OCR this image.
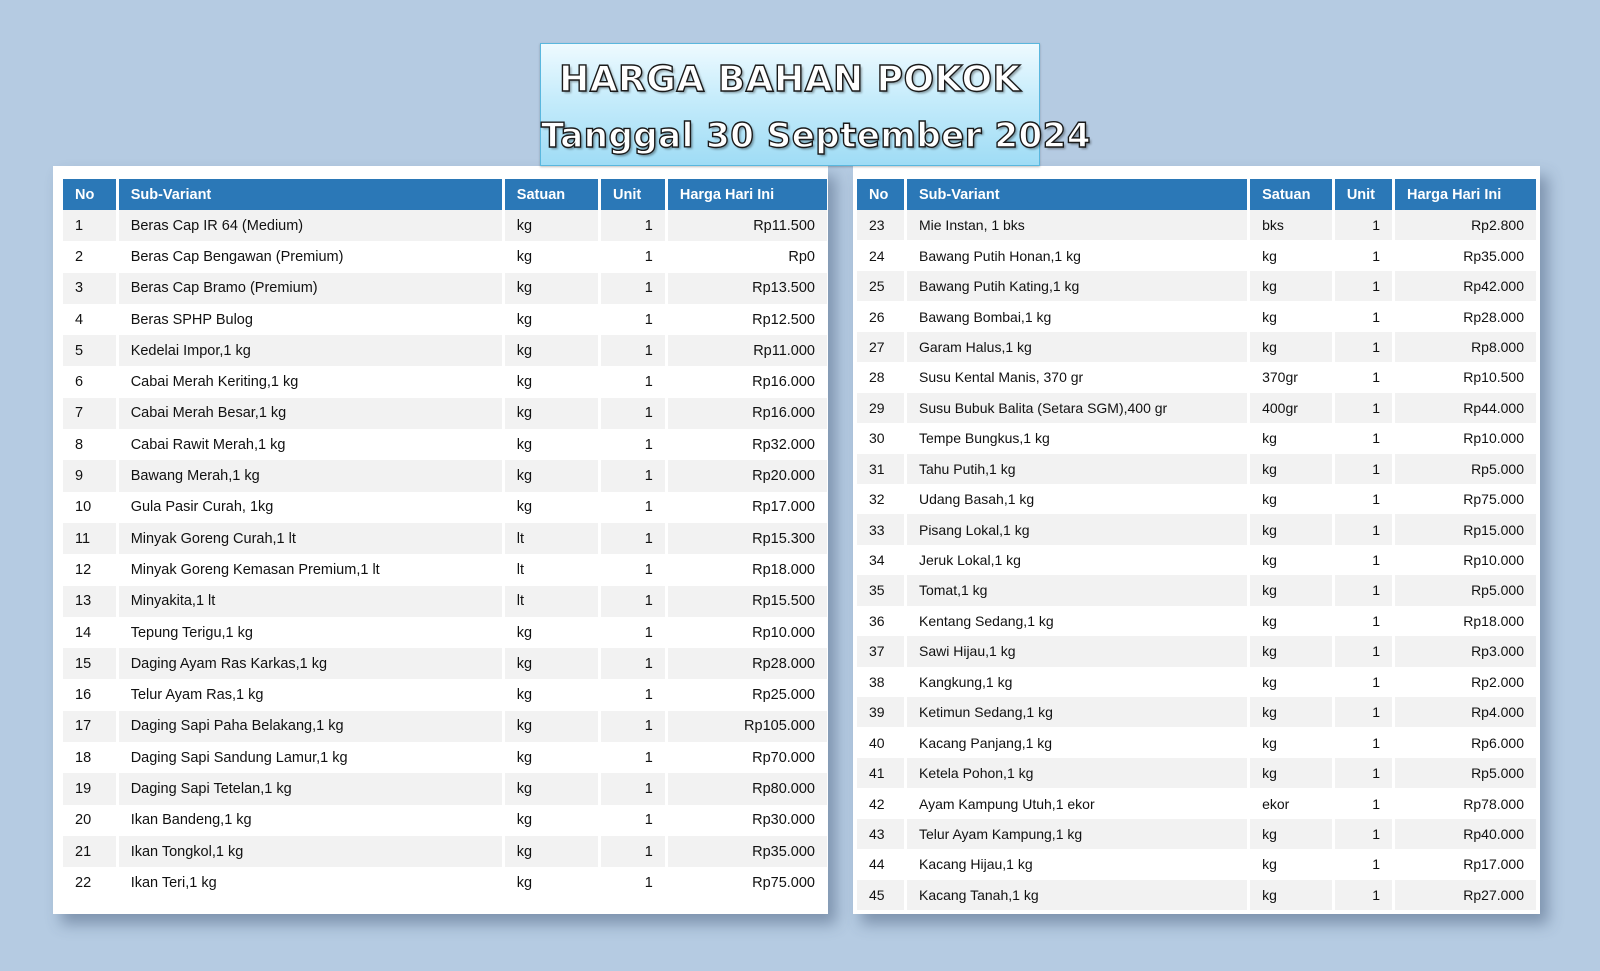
HARGA BAHAN POKOK
Tanggal 30 September 2024
No	Sub-Variant	Satuan	Unit	Harga Hari Ini
1	Beras Cap IR 64 (Medium)	kg	1	Rp11.500
2	Beras Cap Bengawan (Premium)	kg	1	Rp0
3	Beras Cap Bramo (Premium)	kg	1	Rp13.500
4	Beras SPHP Bulog	kg	1	Rp12.500
5	Kedelai Impor,1 kg	kg	1	Rp11.000
6	Cabai Merah Keriting,1 kg	kg	1	Rp16.000
7	Cabai Merah Besar,1 kg	kg	1	Rp16.000
8	Cabai Rawit Merah,1 kg	kg	1	Rp32.000
9	Bawang Merah,1 kg	kg	1	Rp20.000
10	Gula Pasir Curah, 1kg	kg	1	Rp17.000
11	Minyak Goreng Curah,1 lt	lt	1	Rp15.300
12	Minyak Goreng Kemasan Premium,1 lt	lt	1	Rp18.000
13	Minyakita,1 lt	lt	1	Rp15.500
14	Tepung Terigu,1 kg	kg	1	Rp10.000
15	Daging Ayam Ras Karkas,1 kg	kg	1	Rp28.000
16	Telur Ayam Ras,1 kg	kg	1	Rp25.000
17	Daging Sapi Paha Belakang,1 kg	kg	1	Rp105.000
18	Daging Sapi Sandung Lamur,1 kg	kg	1	Rp70.000
19	Daging Sapi Tetelan,1 kg	kg	1	Rp80.000
20	Ikan Bandeng,1 kg	kg	1	Rp30.000
21	Ikan Tongkol,1 kg	kg	1	Rp35.000
22	Ikan Teri,1 kg	kg	1	Rp75.000
No	Sub-Variant	Satuan	Unit	Harga Hari Ini
23	Mie Instan, 1 bks	bks	1	Rp2.800
24	Bawang Putih Honan,1 kg	kg	1	Rp35.000
25	Bawang Putih Kating,1 kg	kg	1	Rp42.000
26	Bawang Bombai,1 kg	kg	1	Rp28.000
27	Garam Halus,1 kg	kg	1	Rp8.000
28	Susu Kental Manis, 370 gr	370gr	1	Rp10.500
29	Susu Bubuk Balita (Setara SGM),400 gr	400gr	1	Rp44.000
30	Tempe Bungkus,1 kg	kg	1	Rp10.000
31	Tahu Putih,1 kg	kg	1	Rp5.000
32	Udang Basah,1 kg	kg	1	Rp75.000
33	Pisang Lokal,1 kg	kg	1	Rp15.000
34	Jeruk Lokal,1 kg	kg	1	Rp10.000
35	Tomat,1 kg	kg	1	Rp5.000
36	Kentang Sedang,1 kg	kg	1	Rp18.000
37	Sawi Hijau,1 kg	kg	1	Rp3.000
38	Kangkung,1 kg	kg	1	Rp2.000
39	Ketimun Sedang,1 kg	kg	1	Rp4.000
40	Kacang Panjang,1 kg	kg	1	Rp6.000
41	Ketela Pohon,1 kg	kg	1	Rp5.000
42	Ayam Kampung Utuh,1 ekor	ekor	1	Rp78.000
43	Telur Ayam Kampung,1 kg	kg	1	Rp40.000
44	Kacang Hijau,1 kg	kg	1	Rp17.000
45	Kacang Tanah,1 kg	kg	1	Rp27.000
